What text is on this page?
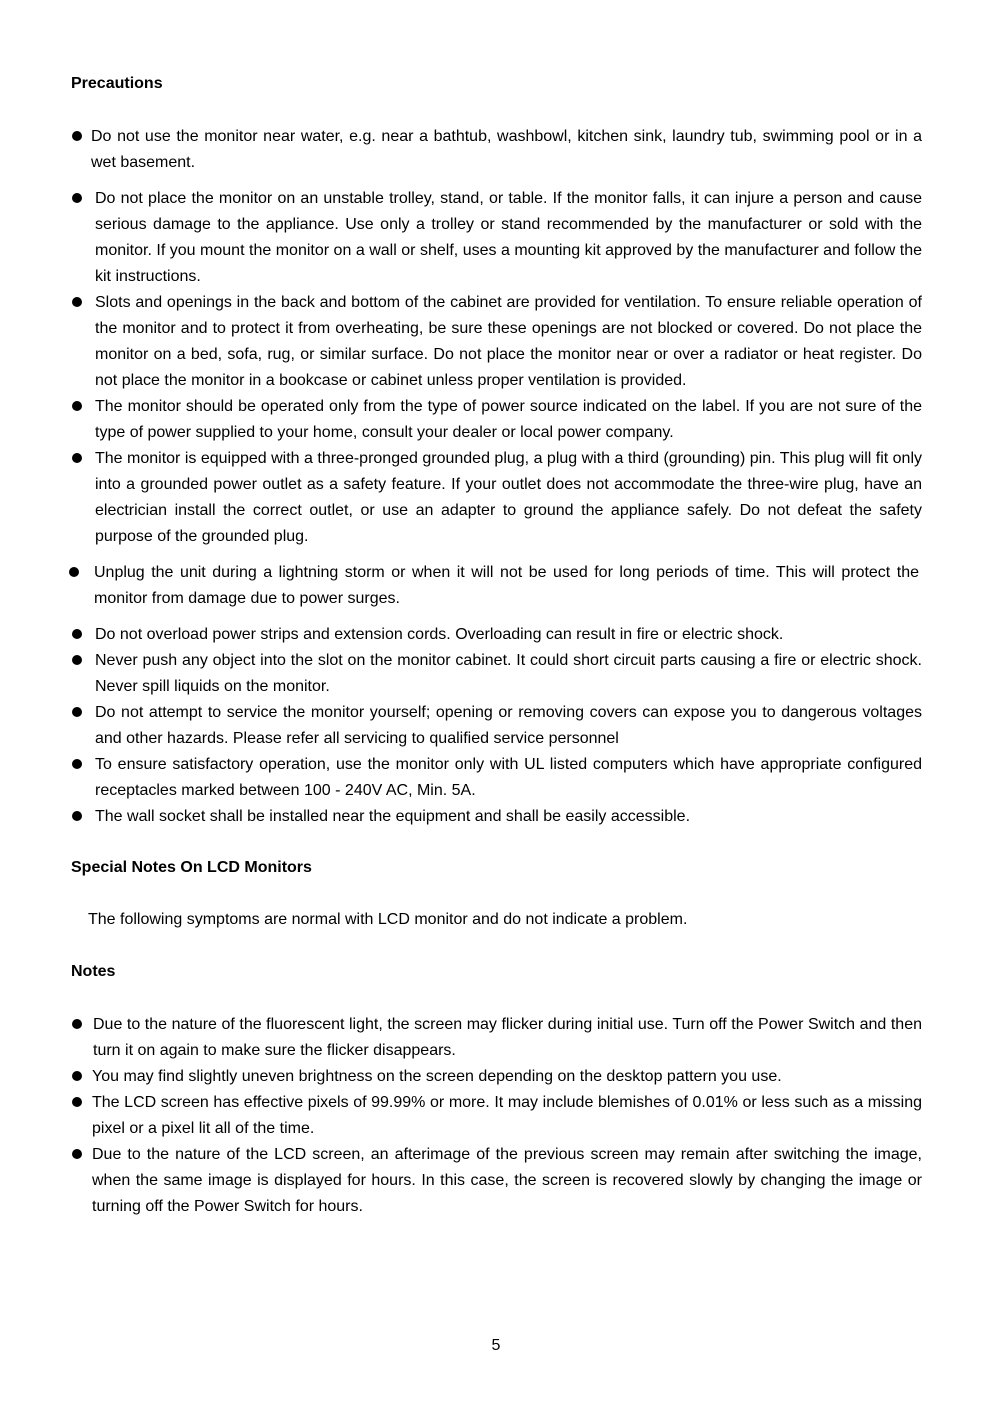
Precautions
Do not use the monitor near water, e.g. near a bathtub, washbowl, kitchen sink, laundry tub, swimming pool or in a wet basement.
Do not place the monitor on an unstable trolley, stand, or table. If the monitor falls, it can injure a person and cause serious damage to the appliance. Use only a trolley or stand recommended by the manufacturer or sold with the monitor. If you mount the monitor on a wall or shelf, uses a mounting kit approved by the manufacturer and follow the kit instructions.
Slots and openings in the back and bottom of the cabinet are provided for ventilation. To ensure reliable operation of the monitor and to protect it from overheating, be sure these openings are not blocked or covered. Do not place the monitor on a bed, sofa, rug, or similar surface. Do not place the monitor near or over a radiator or heat register. Do not place the monitor in a bookcase or cabinet unless proper ventilation is provided.
The monitor should be operated only from the type of power source indicated on the label. If you are not sure of the type of power supplied to your home, consult your dealer or local power company.
The monitor is equipped with a three-pronged grounded plug, a plug with a third (grounding) pin. This plug will fit only into a grounded power outlet as a safety feature. If your outlet does not accommodate the three-wire plug, have an electrician install the correct outlet, or use an adapter to ground the appliance safely. Do not defeat the safety purpose of the grounded plug.
Unplug the unit during a lightning storm or when it will not be used for long periods of time. This will protect the monitor from damage due to power surges.
Do not overload power strips and extension cords. Overloading can result in fire or electric shock.
Never push any object into the slot on the monitor cabinet. It could short circuit parts causing a fire or electric shock. Never spill liquids on the monitor.
Do not attempt to service the monitor yourself; opening or removing covers can expose you to dangerous voltages and other hazards. Please refer all servicing to qualified service personnel
To ensure satisfactory operation, use the monitor only with UL listed computers which have appropriate configured receptacles marked between 100 - 240V AC, Min. 5A.
The wall socket shall be installed near the equipment and shall be easily accessible.
Special Notes On LCD Monitors

The following symptoms are normal with LCD monitor and do not indicate a problem.

Notes
Due to the nature of the fluorescent light, the screen may flicker during initial use. Turn off the Power Switch and then turn it on again to make sure the flicker disappears.
You may find slightly uneven brightness on the screen depending on the desktop pattern you use.
The LCD screen has effective pixels of 99.99% or more. It may include blemishes of 0.01% or less such as a missing pixel or a pixel lit all of the time.
Due to the nature of the LCD screen, an afterimage of the previous screen may remain after switching the image, when the same image is displayed for hours. In this case, the screen is recovered slowly by changing the image or turning off the Power Switch for hours.

5
